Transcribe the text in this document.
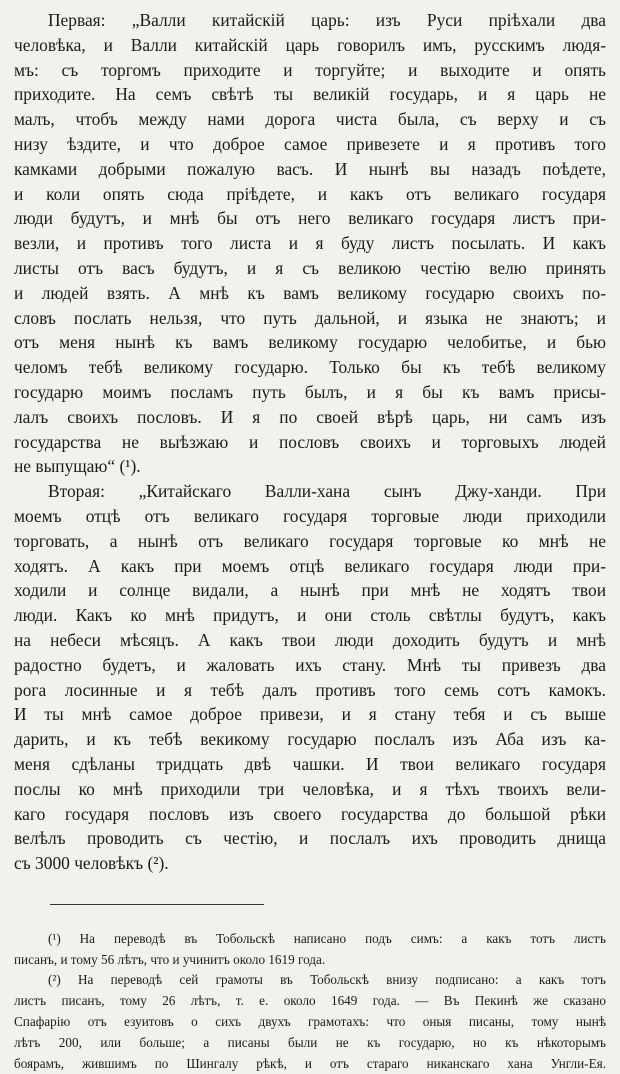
Первая: „Валли китайскій царь: изъ Руси пріѣхали два
человѣка, и Валли китайскій царь говорилъ имъ, русскимъ людя-
мъ: съ торгомъ приходите и торгуйте; и выходите и опять
приходите. На семъ свѣтѣ ты великій государь, и я царь не
малъ, чтобъ между нами дорога чиста была, съ верху и съ
низу ѣздите, и что доброе самое привезете и я противъ того
камками добрыми пожалую васъ. И нынѣ вы назадъ поѣдете,
и коли опять сюда пріѣдете, и какъ отъ великаго государя
люди будутъ, и мнѣ бы отъ него великаго государя листъ при-
везли, и противъ того листа и я буду листъ посылать. И какъ
листы отъ васъ будутъ, и я съ великою честію велю принять
и людей взять. А мнѣ къ вамъ великому государю своихъ по-
словъ послать нельзя, что путь дальной, и языка не знаютъ; и
отъ меня нынѣ къ вамъ великому государю челобитье, и бью
челомъ тебѣ великому государю. Только бы къ тебѣ великому
государю моимъ посламъ путь былъ, и я бы къ вамъ присы-
лалъ своихъ пословъ. И я по своей вѣрѣ царь, ни самъ изъ
государства не выѣзжаю и пословъ своихъ и торговыхъ людей
не выпущаю“ (¹).
Вторая: „Китайскаго Валли-хана сынъ Джу-ханди. При
моемъ отцѣ отъ великаго государя торговые люди приходили
торговать, а нынѣ отъ великаго государя торговые ко мнѣ не
ходятъ. А какъ при моемъ отцѣ великаго государя люди при-
ходили и солнце видали, а нынѣ при мнѣ не ходятъ твои
люди. Какъ ко мнѣ придутъ, и они столь свѣтлы будутъ, какъ
на небеси мѣсяцъ. А какъ твои люди доходить будутъ и мнѣ
радостно будетъ, и жаловать ихъ стану. Мнѣ ты привезъ два
рога лосинные и я тебѣ далъ противъ того семь сотъ камокъ.
И ты мнѣ самое доброе привези, и я стану тебя и съ выше
дарить, и къ тебѣ векикому государю послалъ изъ Аба изъ ка-
меня сдѣланы тридцать двѣ чашки. И твои великаго государя
послы ко мнѣ приходили три человѣка, и я тѣхъ твоихъ вели-
каго государя пословъ изъ своего государства до большой рѣки
велѣлъ проводить съ честію, и послалъ ихъ проводить днища
съ 3000 человѣкъ (²).
(¹) На переводѣ въ Тобольскѣ написано подъ симъ: а какъ тотъ листъ
писанъ, и тому 56 лѣтъ, что и учинитъ около 1619 года.
(²) На переводѣ сей грамоты въ Тобольскѣ внизу подписано: а какъ тотъ
листъ писанъ, тому 26 лѣтъ, т. е. около 1649 года. — Въ Пекинѣ же сказано
Спафарію отъ езуитовъ о сихъ двухъ грамотахъ: что оныя писаны, тому нынѣ
лѣтъ 200, или больше; а писаны были не къ государю, но къ нѣкоторымъ
боярамъ, жившимъ по Шингалу рѣкѣ, и отъ стараго никанскаго хана Унгли-Ея.
